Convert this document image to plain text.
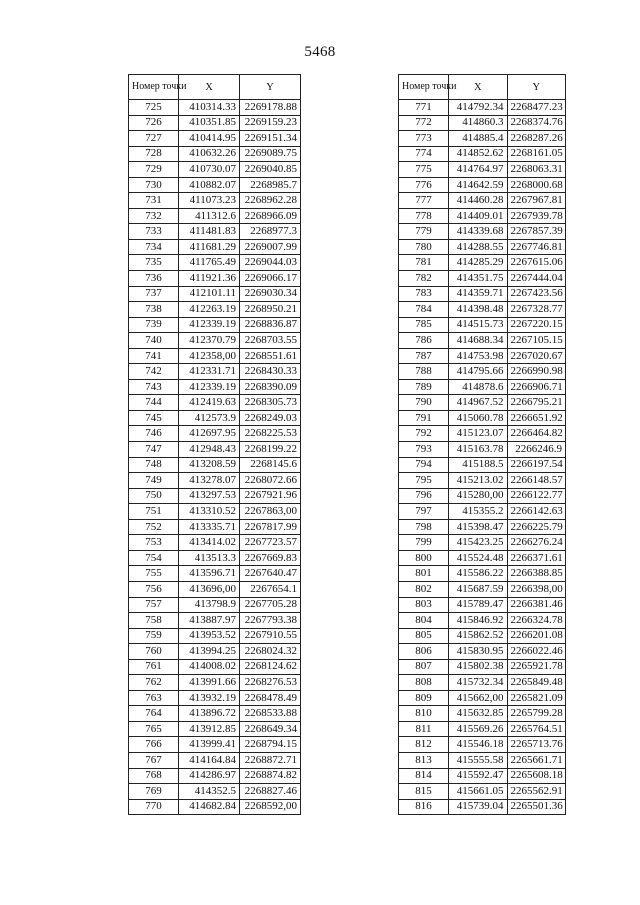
5468
Номер точки	X	Y
725	410314.33	2269178.88
726	410351.85	2269159.23
727	410414.95	2269151.34
728	410632.26	2269089.75
729	410730.07	2269040.85
730	410882.07	2268985.7
731	411073.23	2268962.28
732	411312.6	2268966.09
733	411481.83	2268977.3
734	411681.29	2269007.99
735	411765.49	2269044.03
736	411921.36	2269066.17
737	412101.11	2269030.34
738	412263.19	2268950.21
739	412339.19	2268836.87
740	412370.79	2268703.55
741	412358,00	2268551.61
742	412331.71	2268430.33
743	412339.19	2268390.09
744	412419.63	2268305.73
745	412573.9	2268249.03
746	412697.95	2268225.53
747	412948.43	2268199.22
748	413208.59	2268145.6
749	413278.07	2268072.66
750	413297.53	2267921.96
751	413310.52	2267863,00
752	413335.71	2267817.99
753	413414.02	2267723.57
754	413513.3	2267669.83
755	413596.71	2267640.47
756	413696,00	2267654.1
757	413798.9	2267705.28
758	413887.97	2267793.38
759	413953.52	2267910.55
760	413994.25	2268024.32
761	414008.02	2268124.62
762	413991.66	2268276.53
763	413932.19	2268478.49
764	413896.72	2268533.88
765	413912.85	2268649.34
766	413999.41	2268794.15
767	414164.84	2268872.71
768	414286.97	2268874.82
769	414352.5	2268827.46
770	414682.84	2268592,00
Номер точки	X	Y
771	414792.34	2268477.23
772	414860.3	2268374.76
773	414885.4	2268287.26
774	414852.62	2268161.05
775	414764.97	2268063.31
776	414642.59	2268000.68
777	414460.28	2267967.81
778	414409.01	2267939.78
779	414339.68	2267857.39
780	414288.55	2267746.81
781	414285.29	2267615.06
782	414351.75	2267444.04
783	414359.71	2267423.56
784	414398.48	2267328.77
785	414515.73	2267220.15
786	414688.34	2267105.15
787	414753.98	2267020.67
788	414795.66	2266990.98
789	414878.6	2266906.71
790	414967.52	2266795.21
791	415060.78	2266651.92
792	415123.07	2266464.82
793	415163.78	2266246.9
794	415188.5	2266197.54
795	415213.02	2266148.57
796	415280,00	2266122.77
797	415355.2	2266142.63
798	415398.47	2266225.79
799	415423.25	2266276.24
800	415524.48	2266371.61
801	415586.22	2266388.85
802	415687.59	2266398,00
803	415789.47	2266381.46
804	415846.92	2266324.78
805	415862.52	2266201.08
806	415830.95	2266022.46
807	415802.38	2265921.78
808	415732.34	2265849.48
809	415662,00	2265821.09
810	415632.85	2265799.28
811	415569.26	2265764.51
812	415546.18	2265713.76
813	415555.58	2265661.71
814	415592.47	2265608.18
815	415661.05	2265562.91
816	415739.04	2265501.36
